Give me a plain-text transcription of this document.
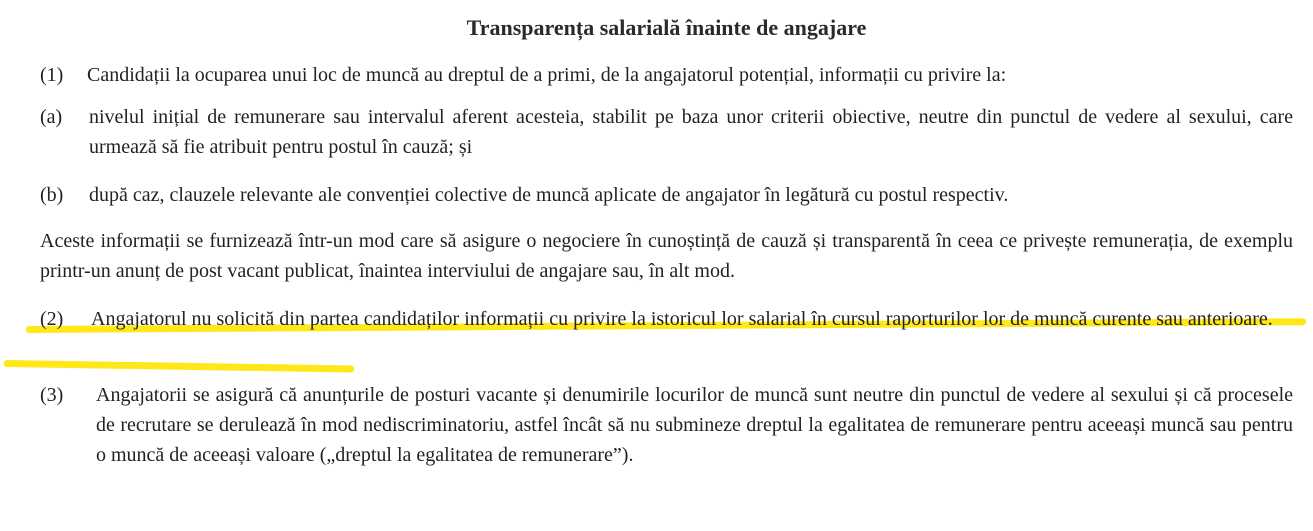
Transparența salarială înainte de angajare
(1)	Candidații la ocuparea unui loc de muncă au dreptul de a primi, de la angajatorul potențial, informații cu privire la:
(a)	nivelul inițial de remunerare sau intervalul aferent acesteia, stabilit pe baza unor criterii obiective, neutre din punctul de vedere al sexului, care urmează să fie atribuit pentru postul în cauză; și
(b)	după caz, clauzele relevante ale convenției colective de muncă aplicate de angajator în legătură cu postul respectiv.
Aceste informații se furnizează într-un mod care să asigure o negociere în cunoștință de cauză și transparentă în ceea ce privește remunerația, de exemplu printr-un anunț de post vacant publicat, înaintea interviului de angajare sau, în alt mod.
(2)	Angajatorul nu solicită din partea candidaților informații cu privire la istoricul lor salarial în cursul raporturilor lor de muncă curente sau anterioare.
(3)	Angajatorii se asigură că anunțurile de posturi vacante și denumirile locurilor de muncă sunt neutre din punctul de vedere al sexului și că procesele de recrutare se derulează în mod nediscriminatoriu, astfel încât să nu submineze dreptul la egalitatea de remunerare pentru aceeași muncă sau pentru o muncă de aceeași valoare („dreptul la egalitatea de remunerare”).
